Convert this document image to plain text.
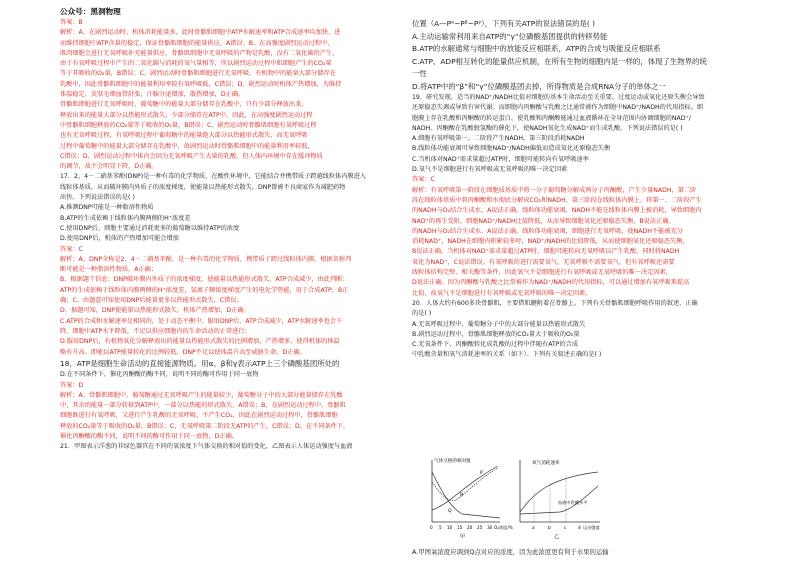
公众号：黑洞物理
答案：B
解析：A、在剧烈运动时，机体消耗能量多，此时骨骼肌细胞中ATP水解速率和ATP合成速率均加快，进
而维持细胞中ATP含量的稳定，保证骨骼肌细胞的能量供应，A错误；B、在高强度剧烈运动过程中，
肌肉细胞会进行无氧呼吸补充能量供应，骨骼肌细胞中无氧呼吸的产物是乳酸，没有二氧化碳的产生，
由于有氧呼吸过程中产生的二氧化碳与消耗的氧气量相等，所以剧烈运动过程中肌细胞产生的CO₂量
等于其吸收的O₂量，B错误；C、剧烈运动时骨骼肌细胞进行无氧呼吸，有机物中的能量大部分储存在
乳酸中，因此骨骼肌细胞中的能量利用率较有氧呼吸低，C错误；D、剧烈运动时机体产热增加，为维持
体温稳定，皮肤毛细血管舒张，汗腺分泌增加，散热增加，D正确。
骨骼肌细胞进行无氧呼吸时，葡萄糖中的能量大部分储存在乳酸中，只有少部分释放出来，
释放出来的能量大部分以热能形式散失，少部分储存在ATP中。因此，在高强度剧烈运动过程
中骨骼肌细胞释放的CO₂量等于吸收的O₂量，B错误；C、剧烈运动时骨骼肌细胞有氧呼吸过程
也有无氧呼吸过程，有氧呼吸过程中葡萄糖中的能量绝大部分以热能形式散失，而无氧呼吸
过程中葡萄糖中的能量大部分储存在乳酸中，故剧烈运动时骨骼肌细胞中的能量利用率较低，
C错误；D、剧烈运动过程中体内会因为无氧呼吸产生大量的乳酸，但人体内环境中存在缓冲物质
的调节，故不会明显下降，D正确。
17．2，4－二硝基苯酚(DNP)是一种有毒的化学物质，在酸性环境中，它能结合并携带质子跨越线粒体内膜进入
线粒体基质，从而破坏膜内外质子的浓度梯度，使能量以热能形式散失。DNP曾被不良商家作为减肥药物
出售。下列说法错误的是( )
A.推测DNP可能是一种脂溶性物质
B.ATP的生成依赖于线粒体内膜两侧的H⁺浓度差
C.使用DNP后，细胞主要通过消耗更多的葡萄糖以维持ATP的浓度
D.使用DNP后，机体的产热增加可能会增加
答案：C
解析：A、DNP全称是2，4－二硝基苯酚，是一种有毒的化学物质，携带质子跨过线粒体内膜，根据名称判
断可能是一种脂溶性物质，A正确；
B、根据题干信息：DNP破坏膜内外质子的浓度梯度，使能量以热能形式散失，ATP合成减少，由此判断：
ATP的生成依赖于线粒体内膜两侧的H⁺浓度差，氢离子顺浓度梯度产生的电化学势能，用于合成ATP，B正
确；C、由题意可知使用DNP后能量更多以热能形式散失，C错误；
D、据题可知，DNP使能量以热能形式散失，机体产热增加，D正确。
C.ATP的合成和水解速率是相同的，处于动态平衡中，服用DNP后，ATP合成减少，ATP水解速率也会下
降，细胞中ATP水平降低，不足以供应细胞内的生命活动的正常进行；
D.服用DNP后，有机物氧化分解释放出的能量以热能形式散失的比例增加，产热增多，使得机体的体温
略有升高。即能以ATP能量转化的比例较低，DNP不足以使体温升高至威胁生命，D正确。
18．ATP是细胞生命活动的直接能源物质。用α、β和γ表示ATP上三个磷酸基团所处的
D.在不同条件下，催化丙酮酸的酶不同，说明不同的酶可作用于同一底物
答案：D
解析：A、骨骼肌细胞中，葡萄糖通过无氧呼吸产生的能量较少，葡萄糖分子中的大部分能量储存在乳酸
中，其余的能量一部分转移到ATP中，一部分以热能的形式散失，A错误；B、在剧烈运动过程中，骨骼肌
细胞既进行有氧呼吸，又进行产生乳酸的无氧呼吸，不产生CO₂，因此在剧烈运动过程中，骨骼肌细胞
释放的CO₂量等于吸收的O₂量，B错误；C、无氧呼吸第二阶段无ATP的产生，C错误；D、在不同条件下，
催化丙酮酸的酶不同，说明不同的酶可作用于同一底物，D正确。
21．甲图表示洋葱的非绿色器官在不同的氧浓度下气体交换的相对值的变化，乙图表示人体运动强度与血液
位置（A—Pᵅ~Pᵝ~Pᵞ），下列有关ATP的说法错误的是( )
A.主动运输常利用来自ATP的“γ”位磷酸基团提供的转移势能
B.ATP的水解通常与细胞中的放能反应相联系，ATP的合成与吸能反应相联系
C.ATP、ADP相互转化的能量供应机制，在所有生物的细胞内是一样的，体现了生物界的统
一性
D.将ATP中的“β”和“γ”位磷酸基团去掉，所得物质是合成RNA分子的单体之一
19．研究发现，适当的NAD⁺/NADH比值对细胞的基本生命活动至关重要。过度运动或氧化还原失衡会导致
还原稳态失调或导致有害代谢。而细胞内丙酮酸与乳酸之比通常被作为细胞中NAD⁺/NADH的代用指标。细
胞膜上存在乳酸和丙酮酸的转运蛋白，使乳酸和丙酮酸能通过血液循环在全身范围内协调细胞的NAD⁺/
NADH。丙酮酸在乳酸脱氢酶的催化下，使NADH氧化生成NAD⁺而生成乳酸。下列说法错误的是( )
A.细胞有氧呼吸第一、二阶段产生NADH，第三阶段消耗NADH
B.线粒体功能衰竭可导致细胞NAD⁺/NADH偏低而造成氧化还原稳态失衡
C.当机体对NAD⁺需求量超过ATP时，细胞可能转向有氧呼吸速率
D.氧气不是细胞进行有氧呼吸或无氧呼吸的唯一决定因素
答案：C
解析：有氧呼吸第一阶段在细胞质基质中将一分子葡萄糖分解成两分子丙酮酸，产生少量NADH，第二阶
段在线粒体基质中将丙酮酸和水彻底分解成CO₂和NADH，第三阶段在线粒体内膜上，将第一、二阶段产生
的NADH与O₂结合生成水，A说法正确。线粒体功能衰竭，NADH不能在线粒体内膜上被消耗，导致细胞内
NAD⁺的再生受阻，细胞NAD⁺/NADH比值降低，从而导致细胞氧化还原稳态失衡，B说法正确。
的NADH与O₂结合生成水。A说法正确，线粒体功能衰竭，细胞进行无氧呼吸，使NADH不能被充分
消耗NAD⁺，NADH在细胞内积累较多时，NAD⁺/NADH的比值降低，从而使细胞氧化还原稳态失衡，
B说法正确。当机体对NAD⁺需求量超过ATP时，细胞可能转向无氧呼吸以产生乳酸，同时将NADH
氧化为NAD⁺，C说法错误。有氧呼吸的进行需要氧气，无氧呼吸不需要氧气，但有氧呼吸还需要
线粒体结构完整、相关酶等条件，因此氧气不是细胞进行有氧呼吸或无氧呼吸的唯一决定因素，
D说法正确。因为丙酮酸与乳酸之比常被作为NAD⁺/NADH的代用指标，可以通过增加有氧呼吸来提高
比值，故氧气不是细胞进行有氧呼吸或无氧呼吸的唯一决定因素。
20．人体大约有600多块骨骼肌，主要借肌腱附着在骨骼上。下列有关骨骼肌细胞呼吸作用的叙述，正确
的是( )
A.无氧呼吸过程中，葡萄糖分子中的大部分能量以热能形式散失
B.剧烈运动过程中，骨骼肌细胞释放的CO₂量大于吸收的O₂量
C.无氧条件下，丙酮酸转化成乳酸的过程中伴随有ATP的合成
中乳酸含量和氧气消耗速率的关系（如下）。下列有关叙述正确的是( )
气体交换的相对值
Q
P
R
0 5 10 15 20 25 30 O₂浓度/%
甲
氧气消耗速率
血液中乳酸水平
a	b	c	d 运动强度
乙
A.甲图氧浓度应调到Q点对应的浓度，因为此浓度更有利于水果的运输
